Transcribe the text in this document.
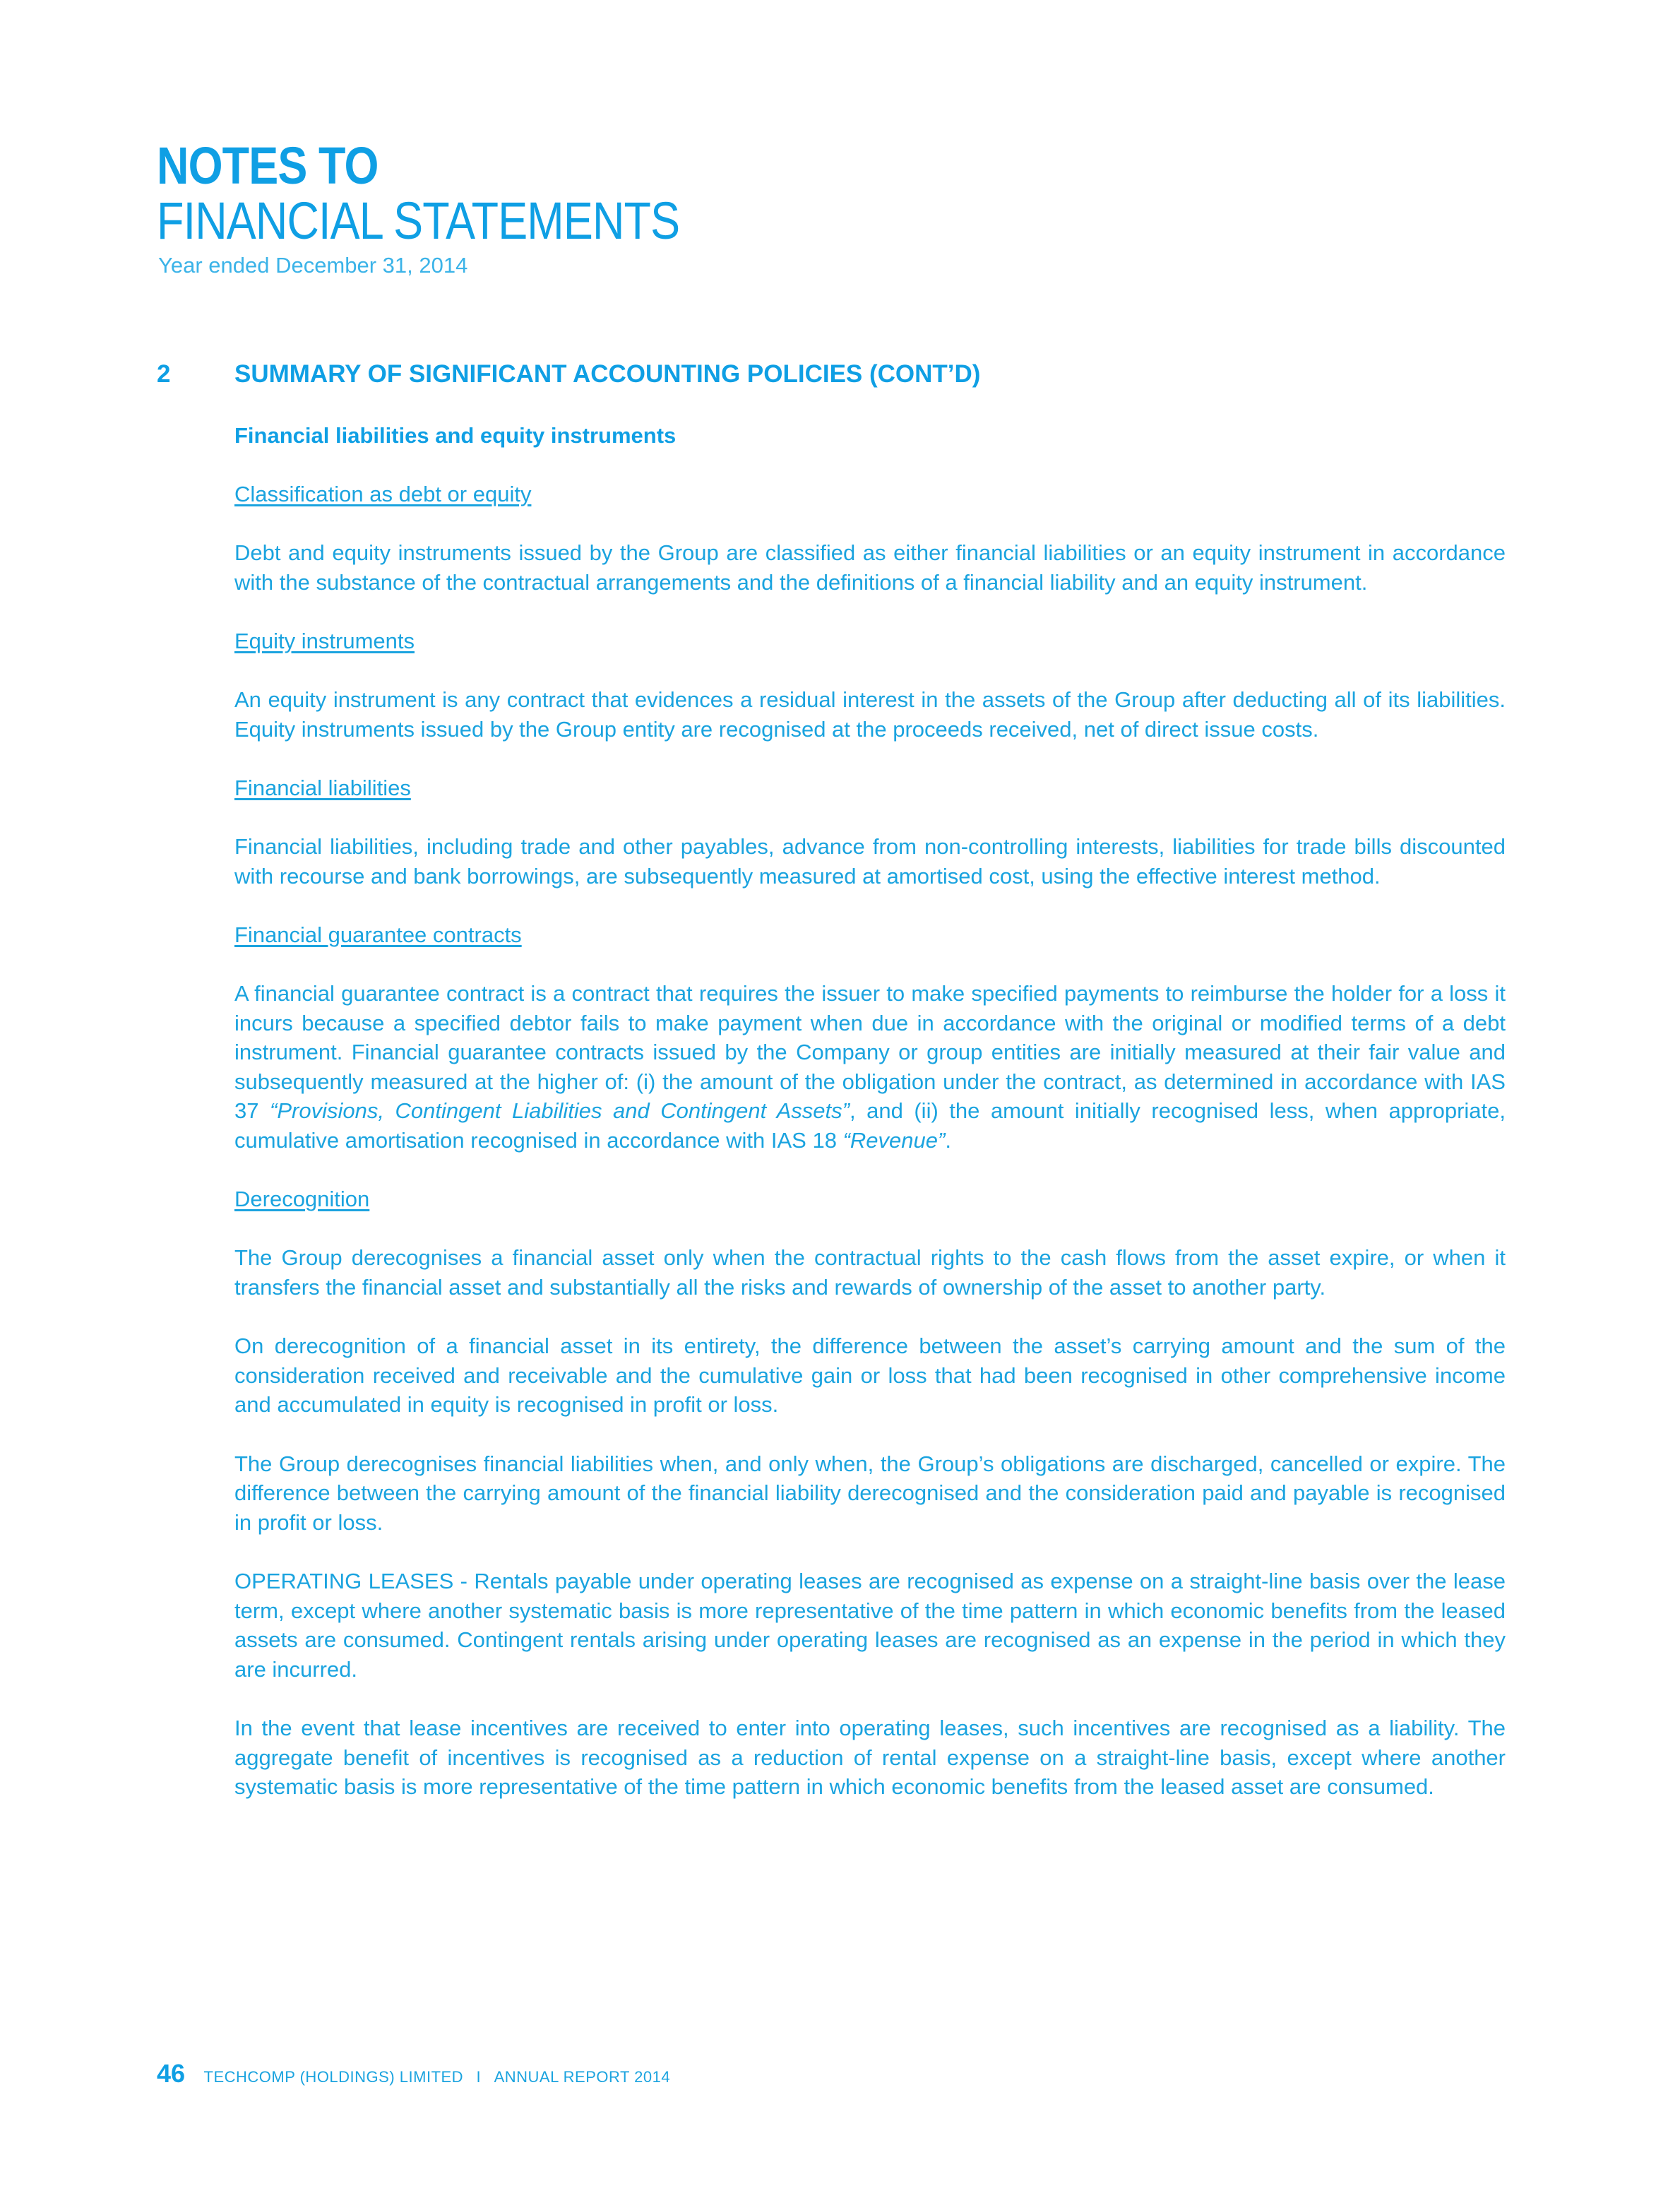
NOTES TO
FINANCIAL STATEMENTS
Year ended December 31, 2014
2	SUMMARY OF SIGNIFICANT ACCOUNTING POLICIES (CONT’D)
Financial liabilities and equity instruments
Classification as debt or equity
Debt and equity instruments issued by the Group are classified as either financial liabilities or an equity instrument in accordance with the substance of the contractual arrangements and the definitions of a financial liability and an equity instrument.
Equity instruments
An equity instrument is any contract that evidences a residual interest in the assets of the Group after deducting all of its liabilities. Equity instruments issued by the Group entity are recognised at the proceeds received, net of direct issue costs.
Financial liabilities
Financial liabilities, including trade and other payables, advance from non-controlling interests, liabilities for trade bills discounted with recourse and bank borrowings, are subsequently measured at amortised cost, using the effective interest method.
Financial guarantee contracts
A financial guarantee contract is a contract that requires the issuer to make specified payments to reimburse the holder for a loss it incurs because a specified debtor fails to make payment when due in accordance with the original or modified terms of a debt instrument. Financial guarantee contracts issued by the Company or group entities are initially measured at their fair value and subsequently measured at the higher of: (i) the amount of the obligation under the contract, as determined in accordance with IAS 37 “Provisions, Contingent Liabilities and Contingent Assets”, and (ii) the amount initially recognised less, when appropriate, cumulative amortisation recognised in accordance with IAS 18 “Revenue”.
Derecognition
The Group derecognises a financial asset only when the contractual rights to the cash flows from the asset expire, or when it transfers the financial asset and substantially all the risks and rewards of ownership of the asset to another party.
On derecognition of a financial asset in its entirety, the difference between the asset’s carrying amount and the sum of the consideration received and receivable and the cumulative gain or loss that had been recognised in other comprehensive income and accumulated in equity is recognised in profit or loss.
The Group derecognises financial liabilities when, and only when, the Group’s obligations are discharged, cancelled or expire. The difference between the carrying amount of the financial liability derecognised and the consideration paid and payable is recognised in profit or loss.
OPERATING LEASES - Rentals payable under operating leases are recognised as expense on a straight-line basis over the lease term, except where another systematic basis is more representative of the time pattern in which economic benefits from the leased assets are consumed. Contingent rentals arising under operating leases are recognised as an expense in the period in which they are incurred.
In the event that lease incentives are received to enter into operating leases, such incentives are recognised as a liability. The aggregate benefit of incentives is recognised as a reduction of rental expense on a straight-line basis, except where another systematic basis is more representative of the time pattern in which economic benefits from the leased asset are consumed.
46 TECHCOMP (HOLDINGS) LIMITED I ANNUAL REPORT 2014
